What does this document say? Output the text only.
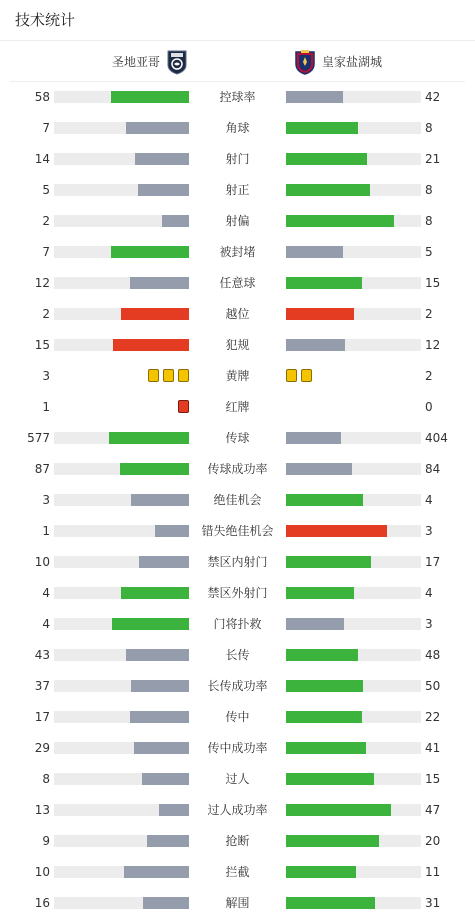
技术统计
圣地亚哥	皇家盐湖城
58	控球率	42
7	角球	8
14	射门	21
5	射正	8
2	射偏	8
7	被封堵	5
12	任意球	15
2	越位	2
15	犯规	12
3	黄牌	2
1	红牌	0
577	传球	404
87	传球成功率	84
3	绝佳机会	4
1	错失绝佳机会	3
10	禁区内射门	17
4	禁区外射门	4
4	门将扑救	3
43	长传	48
37	长传成功率	50
17	传中	22
29	传中成功率	41
8	过人	15
13	过人成功率	47
9	抢断	20
10	拦截	11
16	解围	31
